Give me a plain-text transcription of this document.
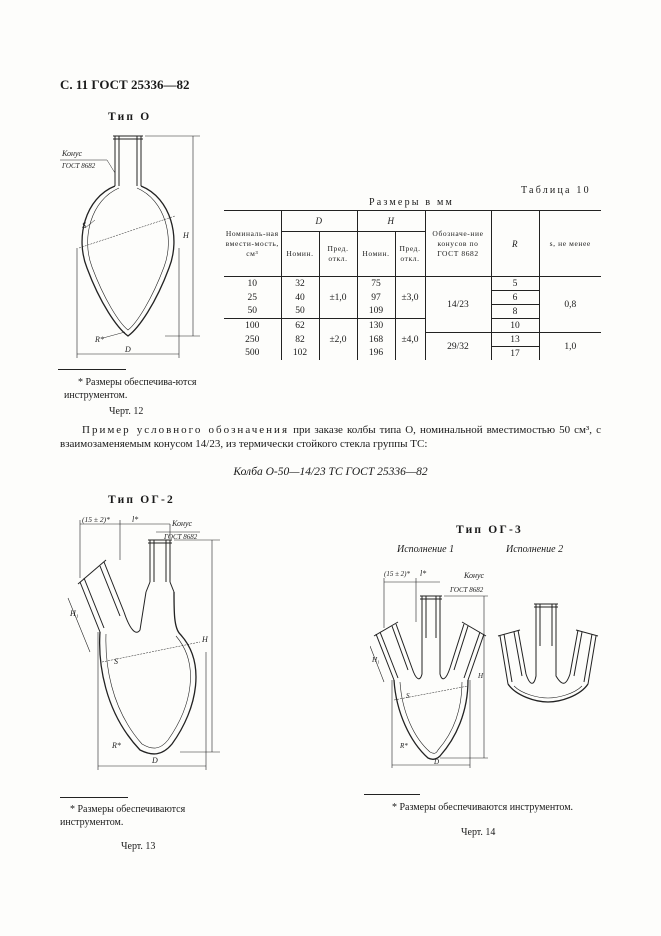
С. 11 ГОСТ 25336—82
Тип О
Конус
ГОСТ 8682
S
H
R*
D
* Размеры обеспечива-ются инструментом.
Черт. 12
Таблица 10
Размеры в мм
Номиналь-ная вмести-мость, см³	D		H		Обозначе-ние конусов по ГОСТ 8682	R	s, не менее
	Номин.	Пред. откл.	Номин.	Пред. откл.			
10	32	±1,0	75	±3,0	14/23	5	0,8
25	40		97			6	
50	50		109			8	
100	62	±2,0	130	±4,0		10	
250	82		168		29/32	13	1,0
500	102		196			17	
Пример условного обозначения при заказе колбы типа О, номинальной вместимостью 50 см³, с взаимозаменяемым конусом 14/23, из термически стойкого стекла группы ТС:
Колба О-50—14/23 ТС ГОСТ 25336—82
Тип ОГ-2
(15 ± 2)*	l*	Конус
ГОСТ 8682
H
H₁
S
R*
D
* Размеры обеспечиваются инструментом.
Черт. 13
Тип ОГ-3
Исполнение 1	Исполнение 2
(15 ± 2)* l*	Конус
ГОСТ 8682
H
H₁
S
R*
D
* Размеры обеспечиваются инструментом.
Черт. 14
